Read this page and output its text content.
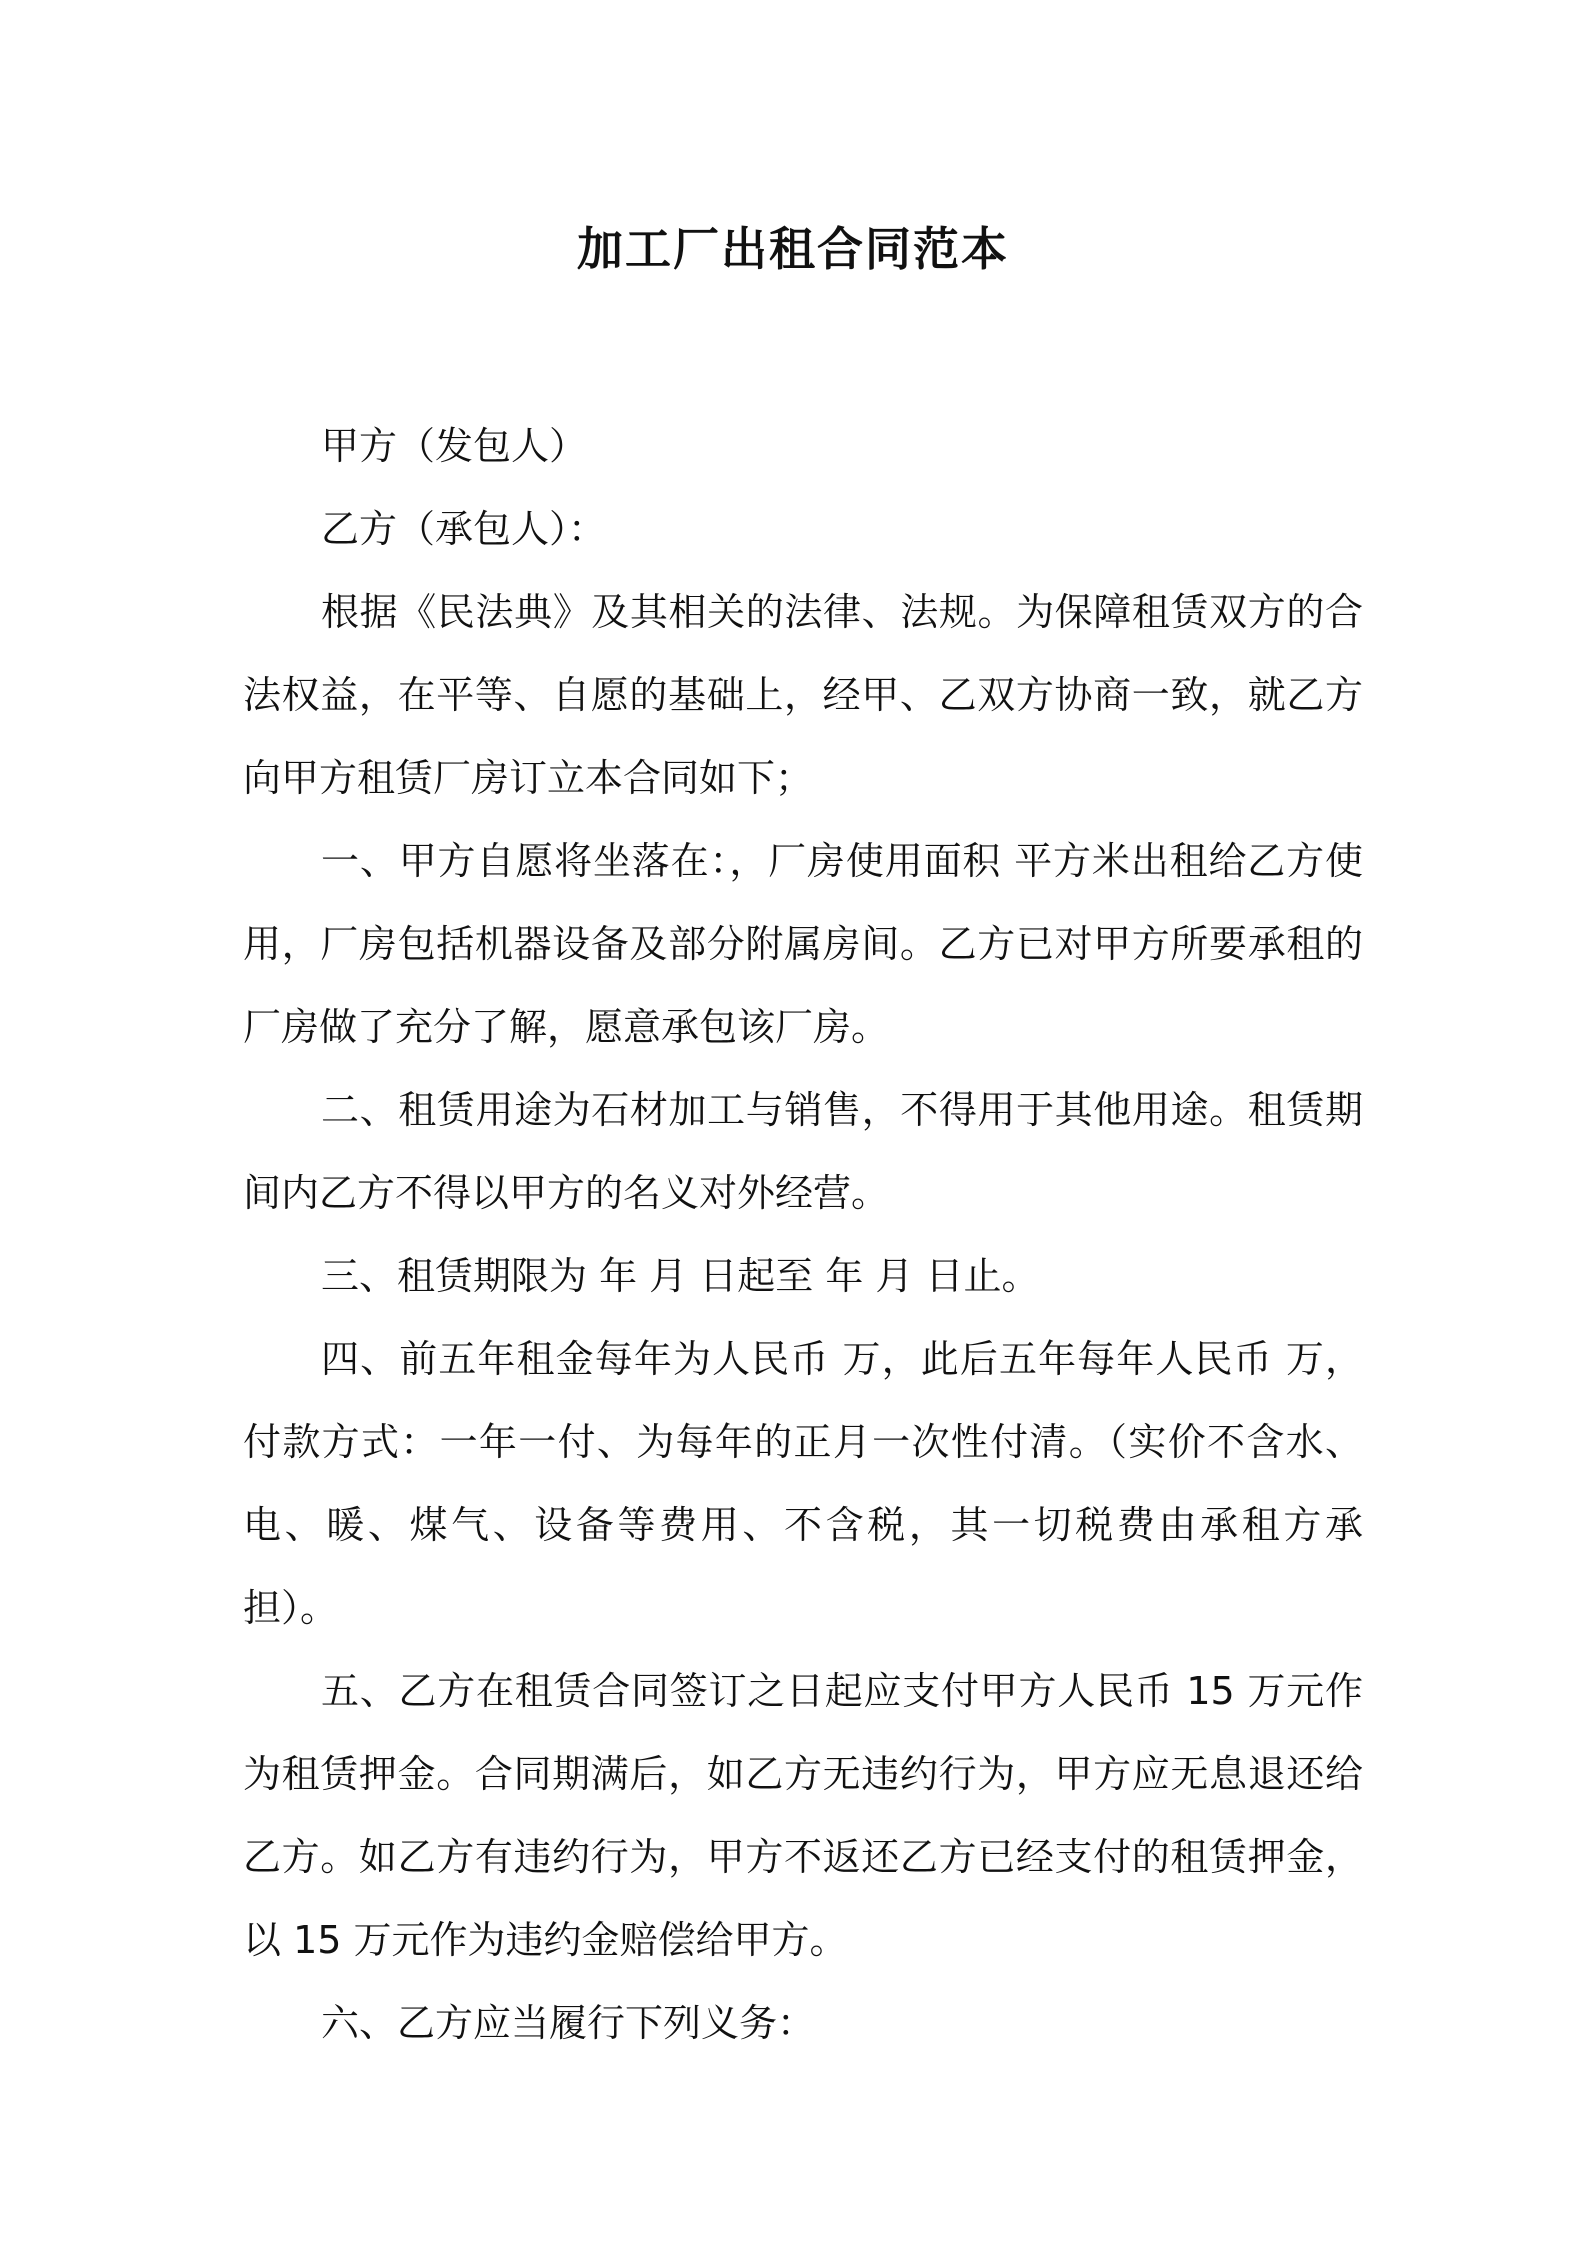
加工厂出租合同范本

甲方（发包人）

乙方（承包人）：

根据《民法典》及其相关的法律、法规。为保障租赁双方的合法权益，在平等、自愿的基础上，经甲、乙双方协商一致，就乙方向甲方租赁厂房订立本合同如下；

一、甲方自愿将坐落在：，厂房使用面积 平方米出租给乙方使用，厂房包括机器设备及部分附属房间。乙方已对甲方所要承租的厂房做了充分了解，愿意承包该厂房。

二、租赁用途为石材加工与销售，不得用于其他用途。租赁期间内乙方不得以甲方的名义对外经营。

三、租赁期限为 年 月 日起至 年 月 日止。

四、前五年租金每年为人民币 万，此后五年每年人民币 万，付款方式：一年一付、为每年的正月一次性付清。（实价不含水、电、暖、煤气、设备等费用、不含税，其一切税费由承租方承担）。

五、乙方在租赁合同签订之日起应支付甲方人民币 15 万元作为租赁押金。合同期满后，如乙方无违约行为，甲方应无息退还给乙方。如乙方有违约行为，甲方不返还乙方已经支付的租赁押金，以 15 万元作为违约金赔偿给甲方。

六、乙方应当履行下列义务：
